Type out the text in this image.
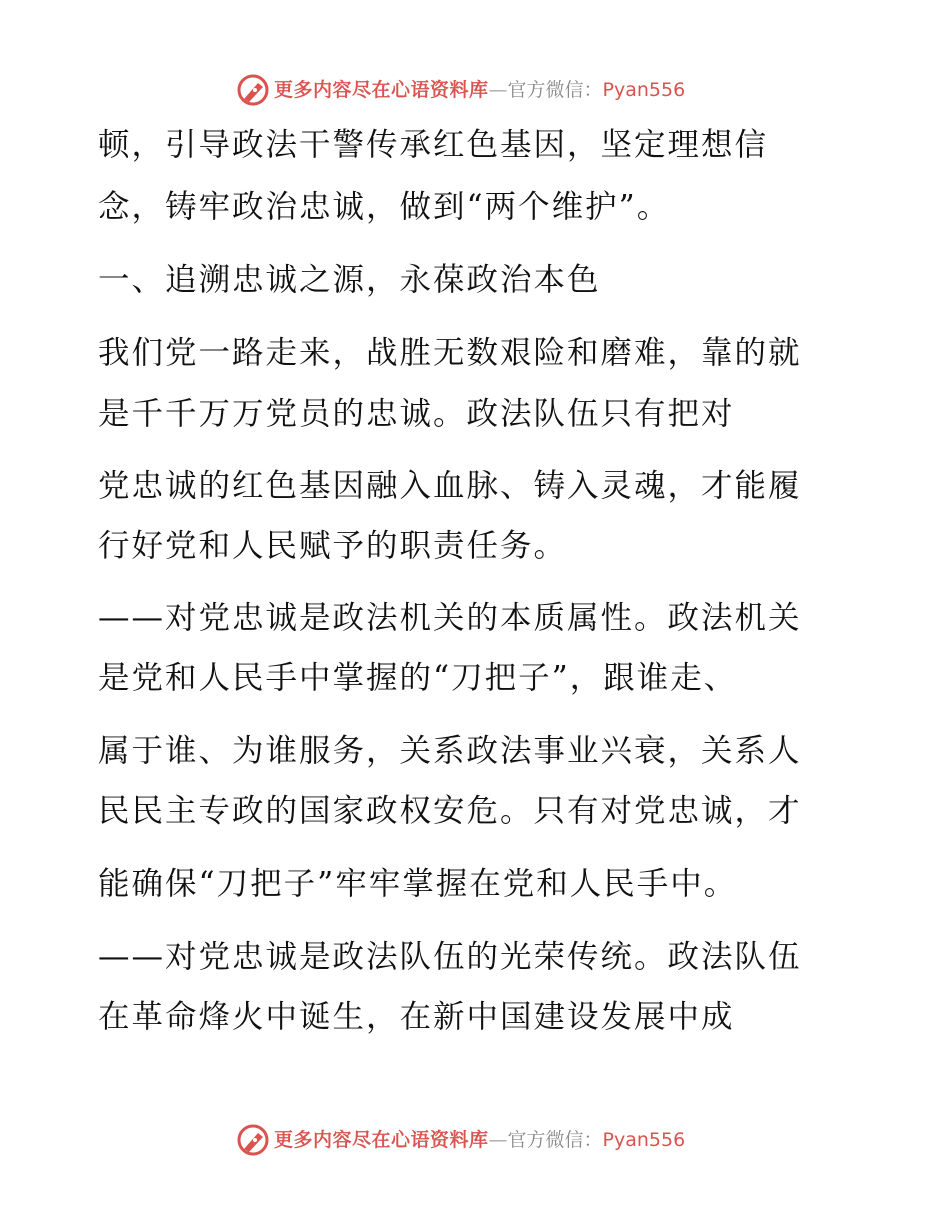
更多内容尽在心语资料库—官方微信：Pyan556
顿，引导政法干警传承红色基因，坚定理想信
念，铸牢政治忠诚，做到“两个维护”。
一、追溯忠诚之源，永葆政治本色
我们党一路走来，战胜无数艰险和磨难，靠的就
是千千万万党员的忠诚。政法队伍只有把对
党忠诚的红色基因融入血脉、铸入灵魂，才能履
行好党和人民赋予的职责任务。
——对党忠诚是政法机关的本质属性。政法机关
是党和人民手中掌握的“刀把子”，跟谁走、
属于谁、为谁服务，关系政法事业兴衰，关系人
民民主专政的国家政权安危。只有对党忠诚，才
能确保“刀把子”牢牢掌握在党和人民手中。
——对党忠诚是政法队伍的光荣传统。政法队伍
在革命烽火中诞生，在新中国建设发展中成
更多内容尽在心语资料库—官方微信：Pyan556
